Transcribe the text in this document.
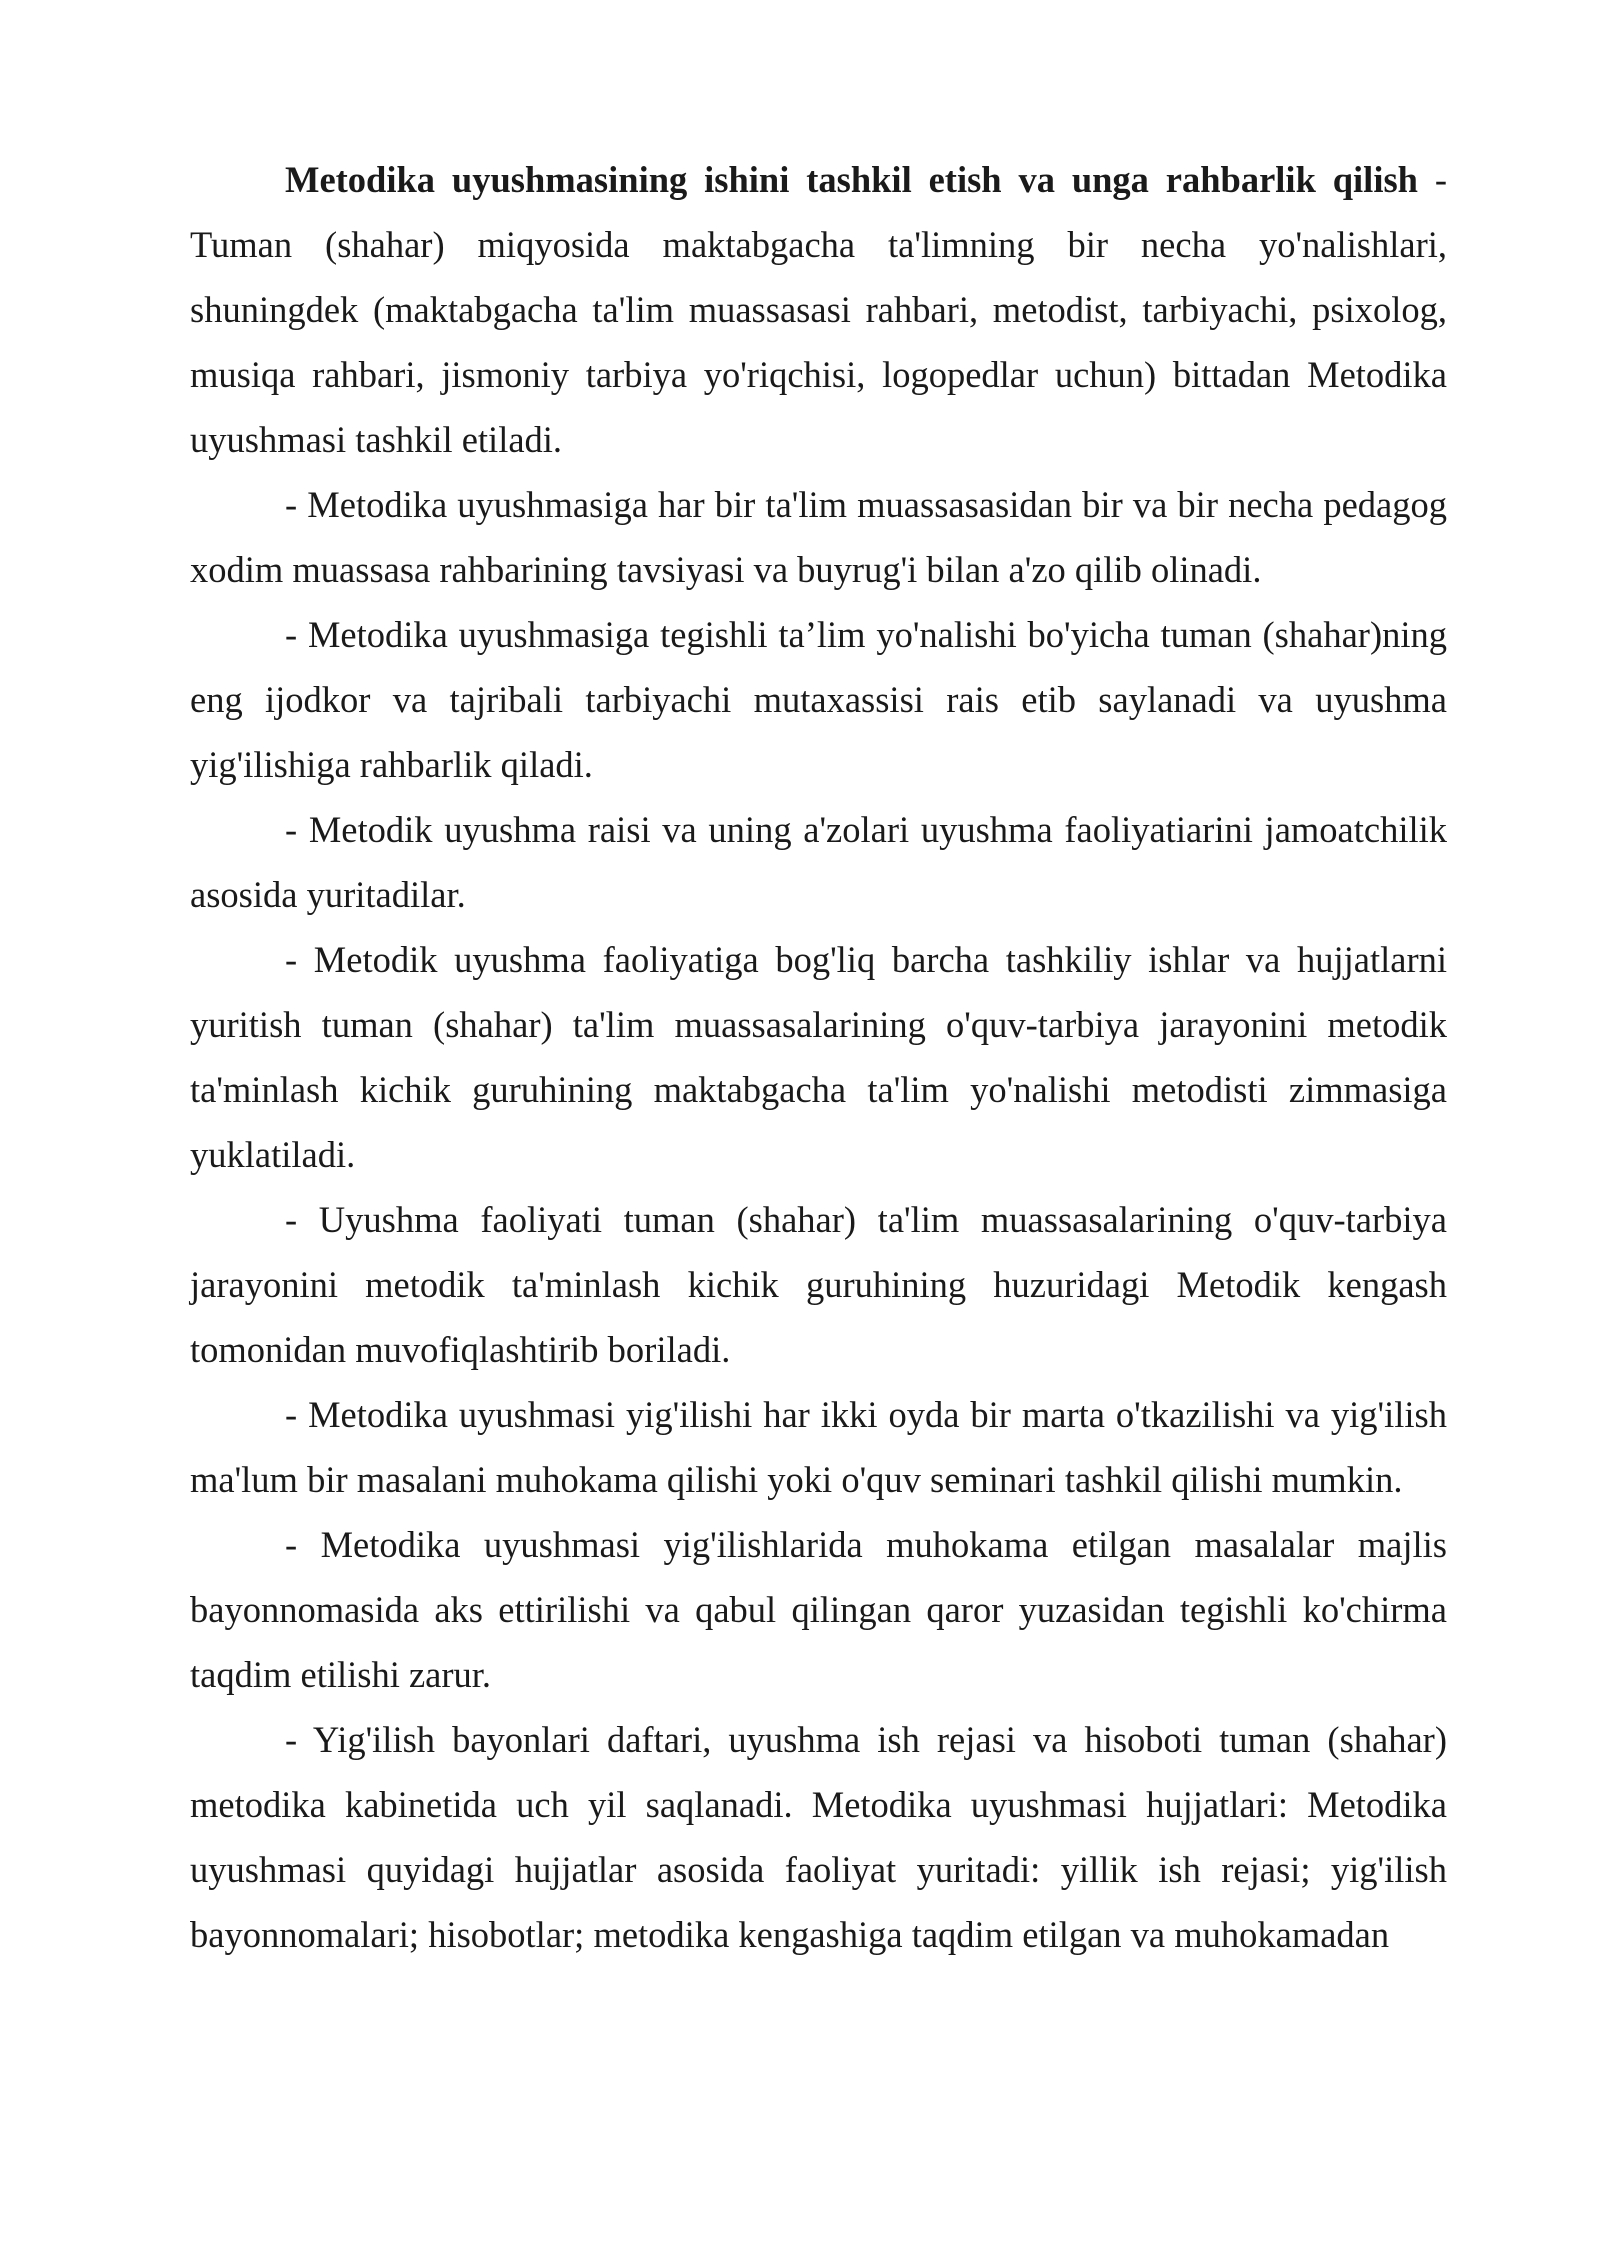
Metodika uyushmasining ishini tashkil etish va unga rahbarlik qilish - Tuman (shahar) miqyosida maktabgacha ta'limning bir necha yo'nalishlari, shuningdek (maktabgacha ta'lim muassasasi rahbari, metodist, tarbiyachi, psixolog, musiqa rahbari, jismoniy tarbiya yo'riqchisi, logopedlar uchun) bittadan Metodika uyushmasi tashkil etiladi.

- Metodika uyushmasiga har bir ta'lim muassasasidan bir va bir necha pedagog xodim muassasa rahbarining tavsiyasi va buyrug'i bilan a'zo qilib olinadi.

- Metodika uyushmasiga tegishli ta’lim yo'nalishi bo'yicha tuman (shahar)ning eng ijodkor va tajribali tarbiyachi mutaxassisi rais etib saylanadi va uyushma yig'ilishiga rahbarlik qiladi.

- Metodik uyushma raisi va uning a'zolari uyushma faoliyatiarini jamoatchilik asosida yuritadilar.

- Metodik uyushma faoliyatiga bog'liq barcha tashkiliy ishlar va hujjatlarni yuritish tuman (shahar) ta'lim muassasalarining o'quv-tarbiya jarayonini metodik ta'minlash kichik guruhining maktabgacha ta'lim yo'nalishi metodisti zimmasiga yuklatiladi.

- Uyushma faoliyati tuman (shahar) ta'lim muassasalarining o'quv-tarbiya jarayonini metodik ta'minlash kichik guruhining huzuridagi Metodik kengash tomonidan muvofiqlashtirib boriladi.

- Metodika uyushmasi yig'ilishi har ikki oyda bir marta o'tkazilishi va yig'ilish ma'lum bir masalani muhokama qilishi yoki o'quv seminari tashkil qilishi mumkin.

- Metodika uyushmasi yig'ilishlarida muhokama etilgan masalalar majlis bayonnomasida aks ettirilishi va qabul qilingan qaror yuzasidan tegishli ko'chirma taqdim etilishi zarur.

- Yig'ilish bayonlari daftari, uyushma ish rejasi va hisoboti tuman (shahar) metodika kabinetida uch yil saqlanadi. Metodika uyushmasi hujjatlari: Metodika uyushmasi quyidagi hujjatlar asosida faoliyat yuritadi: yillik ish rejasi; yig'ilish bayonnomalari; hisobotlar; metodika kengashiga taqdim etilgan va muhokamadan
